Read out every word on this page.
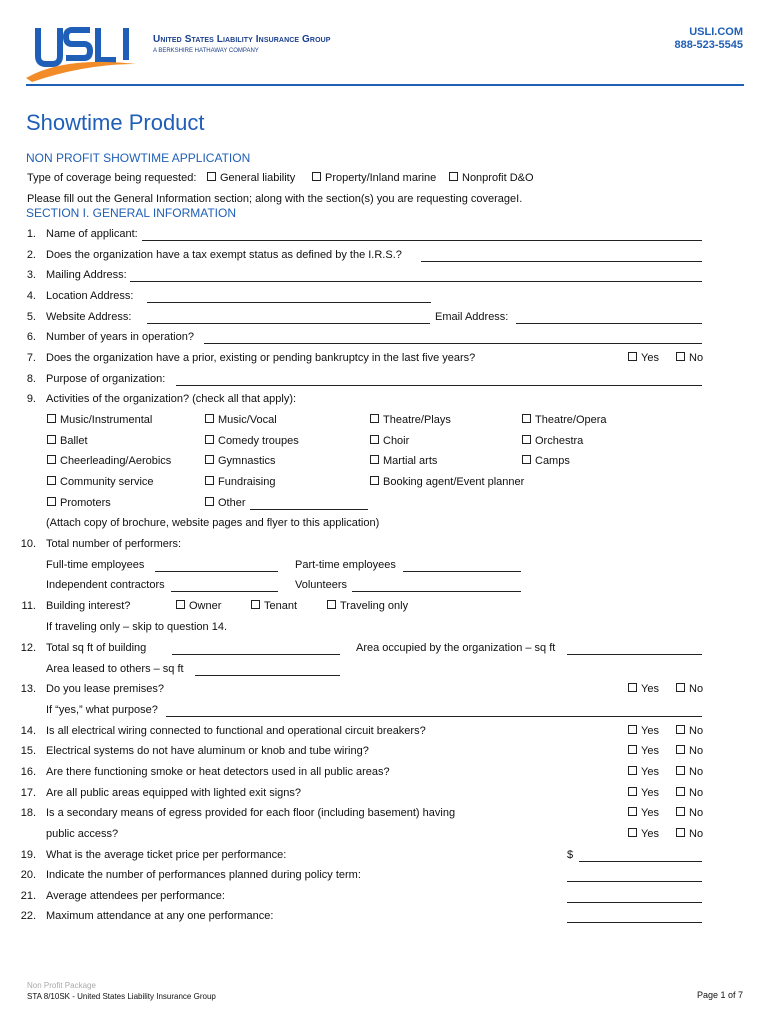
United States Liability Insurance Group
A BERKSHIRE HATHAWAY COMPANY
USLI.COM
888-523-5545
Showtime Product
NON PROFIT SHOWTIME APPLICATION
Type of coverage being requested:	General liability	Property/Inland marine	Nonprofit D&O
Please fill out the General Information section; along with the section(s) you are requesting coverageI.
SECTION I. GENERAL INFORMATION
1. Name of applicant:
2. Does the organization have a tax exempt status as defined by the I.R.S.?
3. Mailing Address:
4. Location Address:
5. Website Address:	Email Address:
6. Number of years in operation?
7. Does the organization have a prior, existing or pending bankruptcy in the last five years?	Yes	No
8. Purpose of organization:
9. Activities of the organization? (check all that apply):
Music/Instrumental	Music/Vocal	Theatre/Plays	Theatre/Opera
Ballet	Comedy troupes	Choir	Orchestra
Cheerleading/Aerobics	Gymnastics	Martial arts	Camps
Community service	Fundraising	Booking agent/Event planner
Promoters	Other
(Attach copy of brochure, website pages and flyer to this application)
10. Total number of performers:
Full-time employees	Part-time employees
Independent contractors	Volunteers
11. Building interest?	Owner	Tenant	Traveling only
If traveling only – skip to question 14.
12. Total sq ft of building	Area occupied by the organization – sq ft
Area leased to others – sq ft
13. Do you lease premises?	Yes	No
If “yes,” what purpose?
14. Is all electrical wiring connected to functional and operational circuit breakers?	Yes	No
15. Electrical systems do not have aluminum or knob and tube wiring?	Yes	No
16. Are there functioning smoke or heat detectors used in all public areas?	Yes	No
17. Are all public areas equipped with lighted exit signs?	Yes	No
18. Is a secondary means of egress provided for each floor (including basement) having	Yes	No
public access?	Yes	No
19. What is the average ticket price per performance:	$
20. Indicate the number of performances planned during policy term:
21. Average attendees per performance:
22. Maximum attendance at any one performance:
Non Profit Package
STA 8/10SK - United States Liability Insurance Group	Page 1 of 7
